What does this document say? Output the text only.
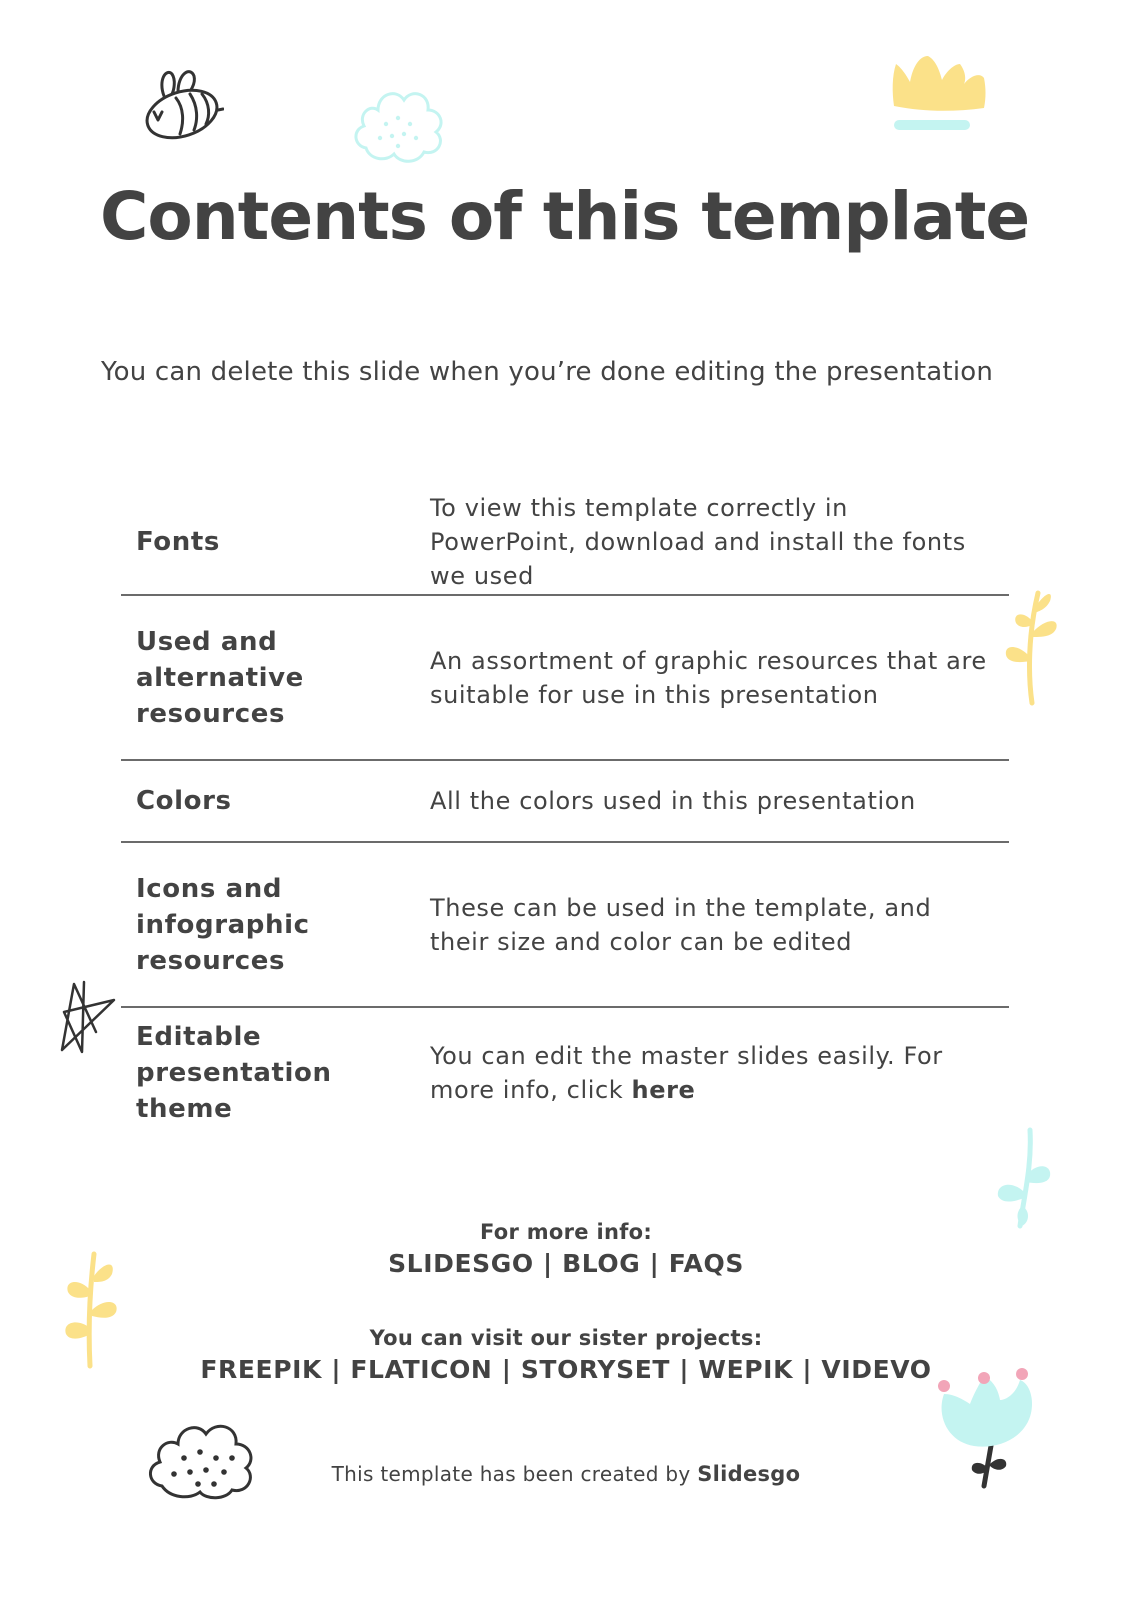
Contents of this template

You can delete this slide when you’re done editing the presentation

Fonts
To view this template correctly in PowerPoint, download and install the fonts we used
Used and alternative resources
An assortment of graphic resources that are suitable for use in this presentation
Colors	All the colors used in this presentation
Icons and infographic resources
These can be used in the template, and their size and color can be edited
Editable presentation theme
You can edit the master slides easily. For more info, click here
For more info:
SLIDESGO | BLOG | FAQS
You can visit our sister projects:
FREEPIK | FLATICON | STORYSET | WEPIK | VIDEVO
This template has been created by Slidesgo
